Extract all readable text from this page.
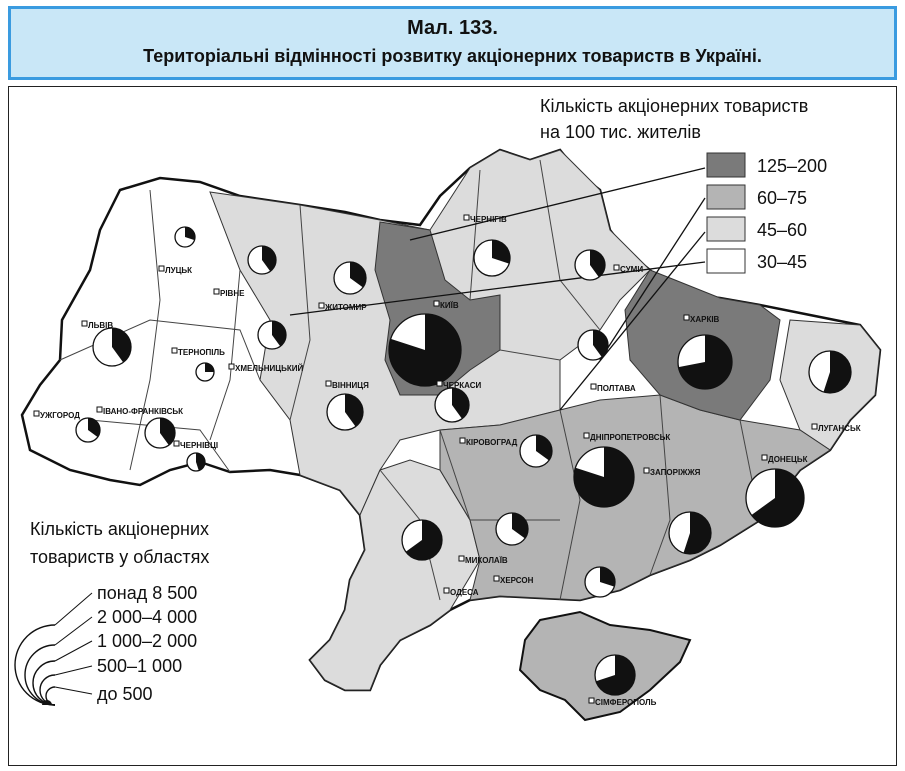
Мал. 133.
Територіальні відмінності розвитку акціонерних товариств в Україні.
Кількість акціонерних товариств
на 100 тис. жителів
125–200
60–75
45–60
30–45
ЛУЦЬК
РІВНЕ
ЖИТОМИР	КИЇВ
ЧЕРНІГІВ
СУМИ
ЛЬВІВ
ТЕРНОПІЛЬ
ХМЕЛЬНИЦЬКИЙ
ВІННИЦЯ	ЧЕРКАСИ	ПОЛТАВА
ХАРКІВ
УЖГОРОД	ІВАНО-ФРАНКІВСЬК
ЧЕРНІВЦІ	КІРОВОГРАД
ДНІПРОПЕТРОВСЬК
ЗАПОРІЖЖЯ
ДОНЕЦЬК
ЛУГАНСЬК
МИКОЛАЇВ
ХЕРСОН
ОДЕСА
СІМФЕРОПОЛЬ
Кількість акціонерних
товариств у областях
понад 8 500
2 000–4 000
1 000–2 000
500–1 000
до 500
